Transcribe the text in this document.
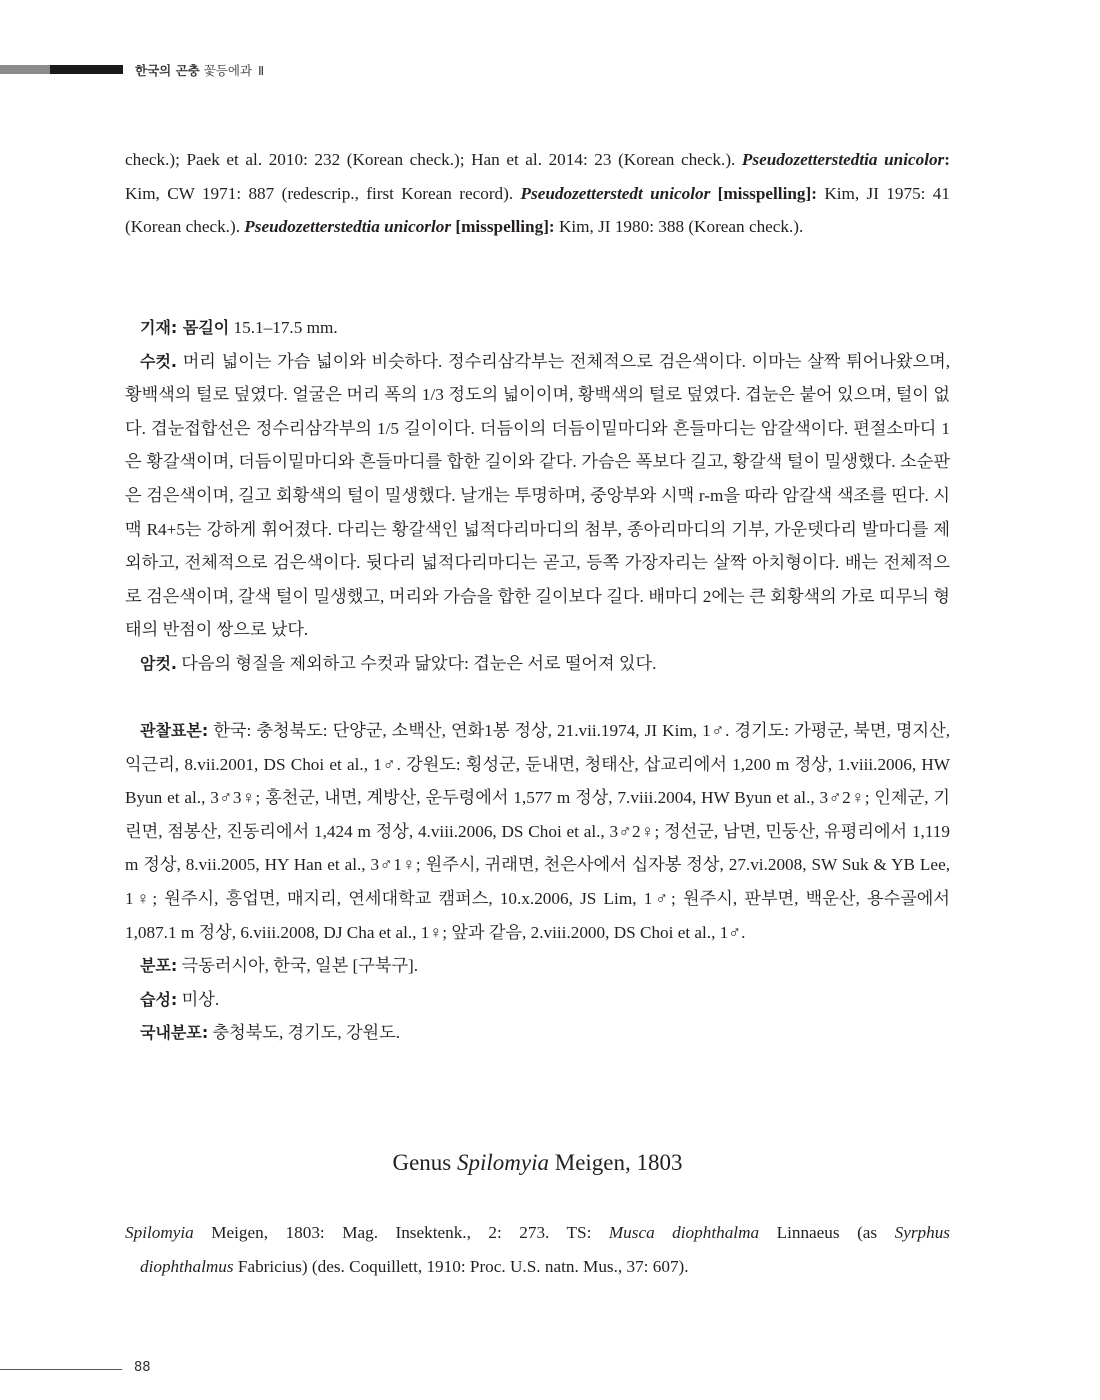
한국의 곤충 꽃등에과 Ⅱ

check.); Paek et al. 2010: 232 (Korean check.); Han et al. 2014: 23 (Korean check.). Pseudozetterstedtia unicolor: Kim, CW 1971: 887 (redescrip., first Korean record). Pseudozetterstedt unicolor [misspelling]: Kim, JI 1975: 41 (Korean check.). Pseudozetterstedtia unicorlor [misspelling]: Kim, JI 1980: 388 (Korean check.).

기재: 몸길이 15.1–17.5 mm.

수컷. 머리 넓이는 가슴 넓이와 비슷하다. 정수리삼각부는 전체적으로 검은색이다. 이마는 살짝 튀어나왔으며, 황백색의 털로 덮였다. 얼굴은 머리 폭의 1/3 정도의 넓이이며, 황백색의 털로 덮였다. 겹눈은 붙어 있으며, 털이 없다. 겹눈접합선은 정수리삼각부의 1/5 길이이다. 더듬이의 더듬이밑마디와 흔들마디는 암갈색이다. 편절소마디 1은 황갈색이며, 더듬이밑마디와 흔들마디를 합한 길이와 같다. 가슴은 폭보다 길고, 황갈색 털이 밀생했다. 소순판은 검은색이며, 길고 회황색의 털이 밀생했다. 날개는 투명하며, 중앙부와 시맥 r-m을 따라 암갈색 색조를 띤다. 시맥 R4+5는 강하게 휘어졌다. 다리는 황갈색인 넓적다리마디의 첨부, 종아리마디의 기부, 가운뎃다리 발마디를 제외하고, 전체적으로 검은색이다. 뒷다리 넓적다리마디는 곧고, 등쪽 가장자리는 살짝 아치형이다. 배는 전체적으로 검은색이며, 갈색 털이 밀생했고, 머리와 가슴을 합한 길이보다 길다. 배마디 2에는 큰 회황색의 가로 띠무늬 형태의 반점이 쌍으로 났다.

암컷. 다음의 형질을 제외하고 수컷과 닮았다: 겹눈은 서로 떨어져 있다.

관찰표본: 한국: 충청북도: 단양군, 소백산, 연화1봉 정상, 21.vii.1974, JI Kim, 1♂. 경기도: 가평군, 북면, 명지산, 익근리, 8.vii.2001, DS Choi et al., 1♂. 강원도: 횡성군, 둔내면, 청태산, 삽교리에서 1,200 m 정상, 1.viii.2006, HW Byun et al., 3♂3♀; 홍천군, 내면, 계방산, 운두령에서 1,577 m 정상, 7.viii.2004, HW Byun et al., 3♂2♀; 인제군, 기린면, 점봉산, 진동리에서 1,424 m 정상, 4.viii.2006, DS Choi et al., 3♂2♀; 정선군, 남면, 민둥산, 유평리에서 1,119 m 정상, 8.vii.2005, HY Han et al., 3♂1♀; 원주시, 귀래면, 천은사에서 십자봉 정상, 27.vi.2008, SW Suk & YB Lee, 1♀; 원주시, 흥업면, 매지리, 연세대학교 캠퍼스, 10.x.2006, JS Lim, 1♂; 원주시, 판부면, 백운산, 용수골에서 1,087.1 m 정상, 6.viii.2008, DJ Cha et al., 1♀; 앞과 같음, 2.viii.2000, DS Choi et al., 1♂.

분포: 극동러시아, 한국, 일본 [구북구].

습성: 미상.

국내분포: 충청북도, 경기도, 강원도.

Genus Spilomyia Meigen, 1803
Spilomyia Meigen, 1803: Mag. Insektenk., 2: 273. TS: Musca diophthalma Linnaeus (as Syrphus
diophthalmus Fabricius) (des. Coquillett, 1910: Proc. U.S. natn. Mus., 37: 607).
88
